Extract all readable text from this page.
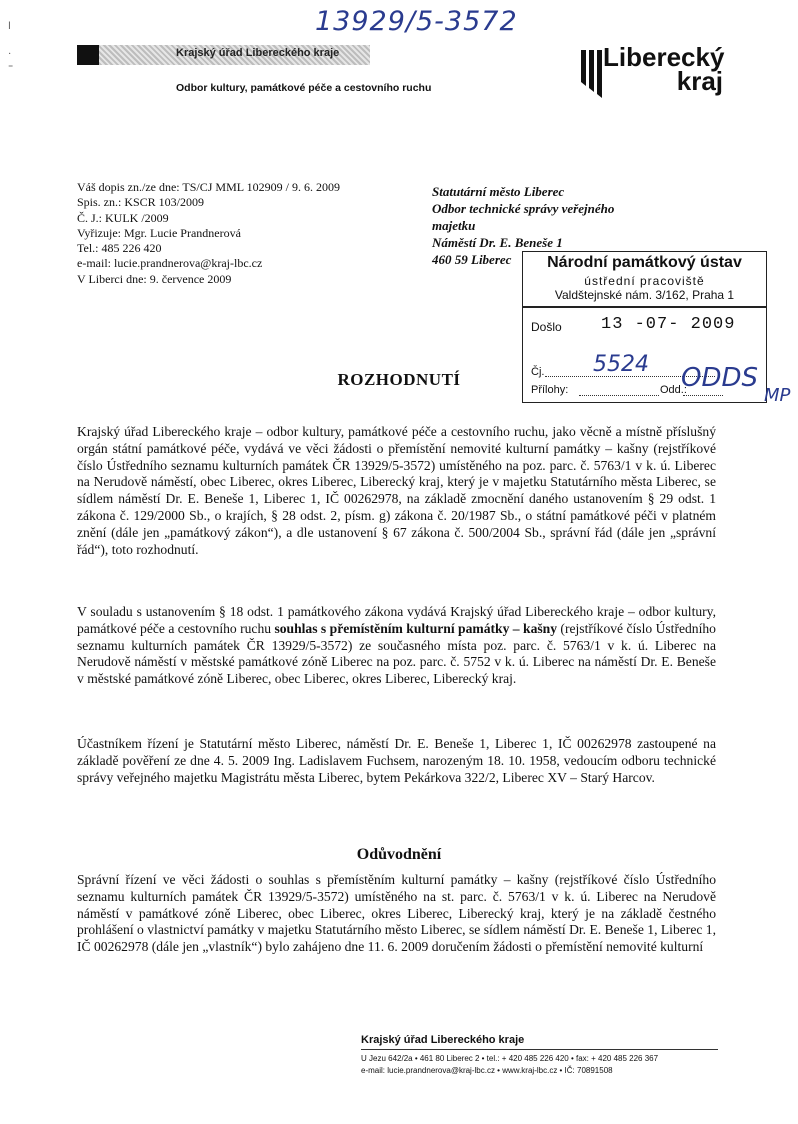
ⅼ

·
⁼
13929/5-3572
Krajský úřad Libereckého kraje
Odbor kultury, památkové péče a cestovního ruchu
Liberecký
kraj
Váš dopis zn./ze dne: TS/CJ MML 102909 / 9. 6. 2009
Spis. zn.: KSCR 103/2009
Č. J.: KULK /2009
Vyřizuje: Mgr. Lucie Prandnerová
Tel.: 485 226 420
e-mail: lucie.prandnerova@kraj-lbc.cz
V Liberci dne: 9. července 2009
Statutární město Liberec
Odbor technické správy veřejného
majetku
Náměstí Dr. E. Beneše 1
460 59 Liberec	Národní památkový ústav
ústřední pracoviště
Valdštejnské nám. 3/162, Praha 1
Došlo 13 -07- 2009
Čj. 5524
Přílohy:	Odd.:
ODDS
MP
ROZHODNUTÍ
Krajský úřad Libereckého kraje – odbor kultury, památkové péče a cestovního ruchu, jako věcně a místně příslušný orgán státní památkové péče, vydává ve věci žádosti o přemístění nemovité kulturní památky – kašny (rejstříkové číslo Ústředního seznamu kulturních památek ČR 13929/5-3572) umístěného na poz. parc. č. 5763/1 v k. ú. Liberec na Nerudově náměstí, obec Liberec, okres Liberec, Liberecký kraj, který je v majetku Statutárního města Liberec, se sídlem náměstí Dr. E. Beneše 1, Liberec 1, IČ 00262978, na základě zmocnění daného ustanovením § 29 odst. 1 zákona č. 129/2000 Sb., o krajích, § 28 odst. 2, písm. g) zákona č. 20/1987 Sb., o státní památkové péči v platném znění (dále jen „památkový zákon“), a dle ustanovení § 67 zákona č. 500/2004 Sb., správní řád (dále jen „správní řád“), toto rozhodnutí.
V souladu s ustanovením § 18 odst. 1 památkového zákona vydává Krajský úřad Libereckého kraje – odbor kultury, památkové péče a cestovního ruchu souhlas s přemístěním kulturní památky – kašny (rejstříkové číslo Ústředního seznamu kulturních památek ČR 13929/5-3572) ze současného místa poz. parc. č. 5763/1 v k. ú. Liberec na Nerudově náměstí v městské památkové zóně Liberec na poz. parc. č. 5752 v k. ú. Liberec na náměstí Dr. E. Beneše v městské památkové zóně Liberec, obec Liberec, okres Liberec, Liberecký kraj.
Účastníkem řízení je Statutární město Liberec, náměstí Dr. E. Beneše 1, Liberec 1, IČ 00262978 zastoupené na základě pověření ze dne 4. 5. 2009 Ing. Ladislavem Fuchsem, narozeným 18. 10. 1958, vedoucím odboru technické správy veřejného majetku Magistrátu města Liberec, bytem Pekárkova 322/2, Liberec XV – Starý Harcov.
Odůvodnění
Správní řízení ve věci žádosti o souhlas s přemístěním kulturní památky – kašny (rejstříkové číslo Ústředního seznamu kulturních památek ČR 13929/5-3572) umístěného na st. parc. č. 5763/1 v k. ú. Liberec na Nerudově náměstí v památkové zóně Liberec, obec Liberec, okres Liberec, Liberecký kraj, který je na základě čestného prohlášení o vlastnictví památky v majetku Statutárního město Liberec, se sídlem náměstí Dr. E. Beneše 1, Liberec 1, IČ 00262978 (dále jen „vlastník“) bylo zahájeno dne 11. 6. 2009 doručením žádosti o přemístění nemovité kulturní
Krajský úřad Libereckého kraje
U Jezu 642/2a • 461 80 Liberec 2 • tel.: + 420 485 226 420 • fax: + 420 485 226 367
e-mail: lucie.prandnerova@kraj-lbc.cz • www.kraj-lbc.cz • IČ: 70891508
